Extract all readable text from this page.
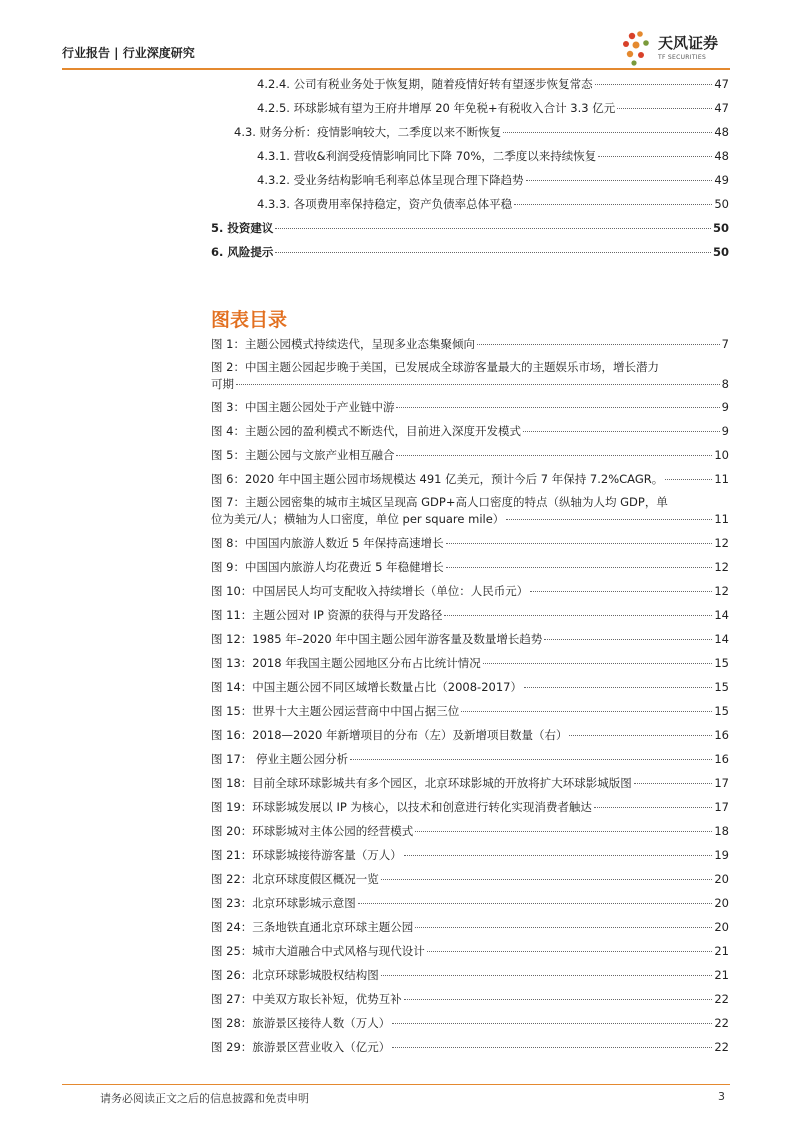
行业报告 | 行业深度研究
天风证券
TF SECURITIES
4.2.4. 公司有税业务处于恢复期，随着疫情好转有望逐步恢复常态	47
4.2.5. 环球影城有望为王府井增厚 20 年免税+有税收入合计 3.3 亿元	47
4.3. 财务分析：疫情影响较大，二季度以来不断恢复	48
4.3.1. 营收&利润受疫情影响同比下降 70%，二季度以来持续恢复	48
4.3.2. 受业务结构影响毛利率总体呈现合理下降趋势	49
4.3.3. 各项费用率保持稳定，资产负债率总体平稳	50
5. 投资建议	50
6. 风险提示	50
图表目录
图 1：主题公园模式持续迭代，呈现多业态集聚倾向	7
图 2：中国主题公园起步晚于美国，已发展成全球游客量最大的主题娱乐市场，增长潜力
可期	8
图 3：中国主题公园处于产业链中游	9
图 4：主题公园的盈利模式不断迭代，目前进入深度开发模式	9
图 5：主题公园与文旅产业相互融合	10
图 6：2020 年中国主题公园市场规模达 491 亿美元，预计今后 7 年保持 7.2%CAGR。	11
图 7：主题公园密集的城市主城区呈现高 GDP+高人口密度的特点（纵轴为人均 GDP，单
位为美元/人；横轴为人口密度，单位 per square mile）	11
图 8：中国国内旅游人数近 5 年保持高速增长	12
图 9：中国国内旅游人均花费近 5 年稳健增长	12
图 10：中国居民人均可支配收入持续增长（单位：人民币元）	12
图 11：主题公园对 IP 资源的获得与开发路径	14
图 12：1985 年–2020 年中国主题公园年游客量及数量增长趋势	14
图 13：2018 年我国主题公园地区分布占比统计情况	15
图 14：中国主题公园不同区域增长数量占比（2008-2017）	15
图 15：世界十大主题公园运营商中中国占据三位	15
图 16：2018—2020 年新增项目的分布（左）及新增项目数量（右）	16
图 17： 停业主题公园分析	16
图 18：目前全球环球影城共有多个园区，北京环球影城的开放将扩大环球影城版图	17
图 19：环球影城发展以 IP 为核心，以技术和创意进行转化实现消费者触达	17
图 20：环球影城对主体公园的经营模式	18
图 21：环球影城接待游客量（万人）	19
图 22：北京环球度假区概况一览	20
图 23：北京环球影城示意图	20
图 24：三条地铁直通北京环球主题公园	20
图 25：城市大道融合中式风格与现代设计	21
图 26：北京环球影城股权结构图	21
图 27：中美双方取长补短，优势互补	22
图 28：旅游景区接待人数（万人）	22
图 29：旅游景区营业收入（亿元）	22
请务必阅读正文之后的信息披露和免责申明	3
